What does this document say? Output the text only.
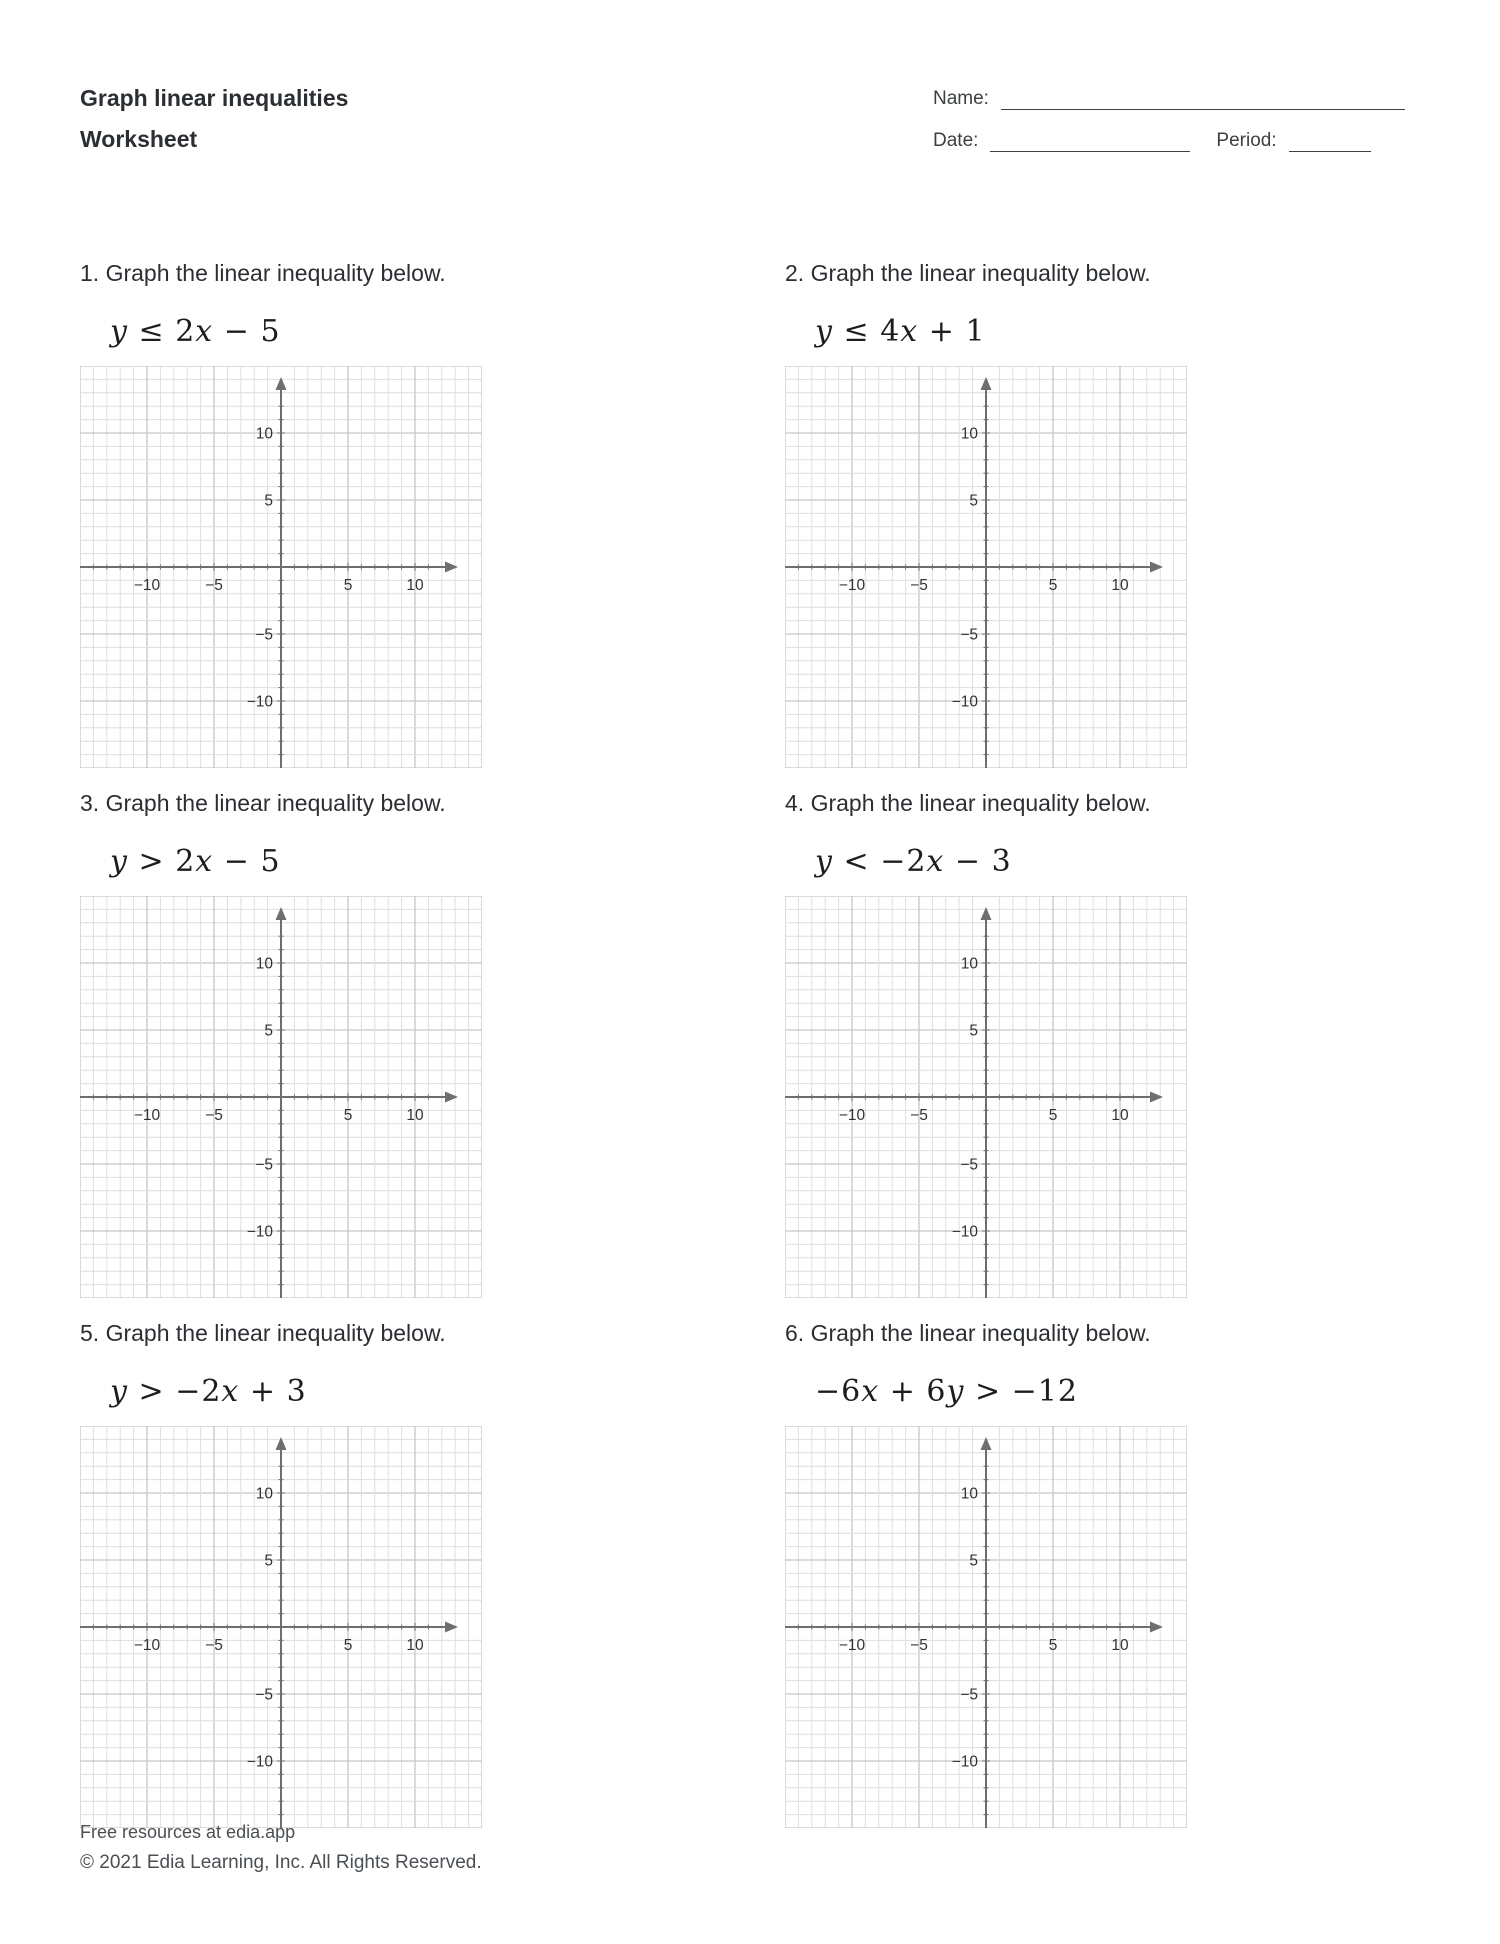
Graph linear inequalities
Worksheet
Name:
Date:	Period:
1. Graph the linear inequality below.
y ≤ 2x − 5
−10	−5	5	10
10
5
−5
−10
2. Graph the linear inequality below.
y ≤ 4x + 1
−10	−5	5	10
10
5
−5
−10
3. Graph the linear inequality below.
y > 2x − 5
−10	−5	5	10
10
5
−5
−10
4. Graph the linear inequality below.
y < −2x − 3
−10	−5	5	10
10
5
−5
−10
5. Graph the linear inequality below.
y > −2x + 3
−10	−5	5	10
10
5
−5
−10
6. Graph the linear inequality below.
−6x + 6y > −12
−10	−5	5	10
10
5
−5
−10
Free resources at edia.app
© 2021 Edia Learning, Inc. All Rights Reserved.
